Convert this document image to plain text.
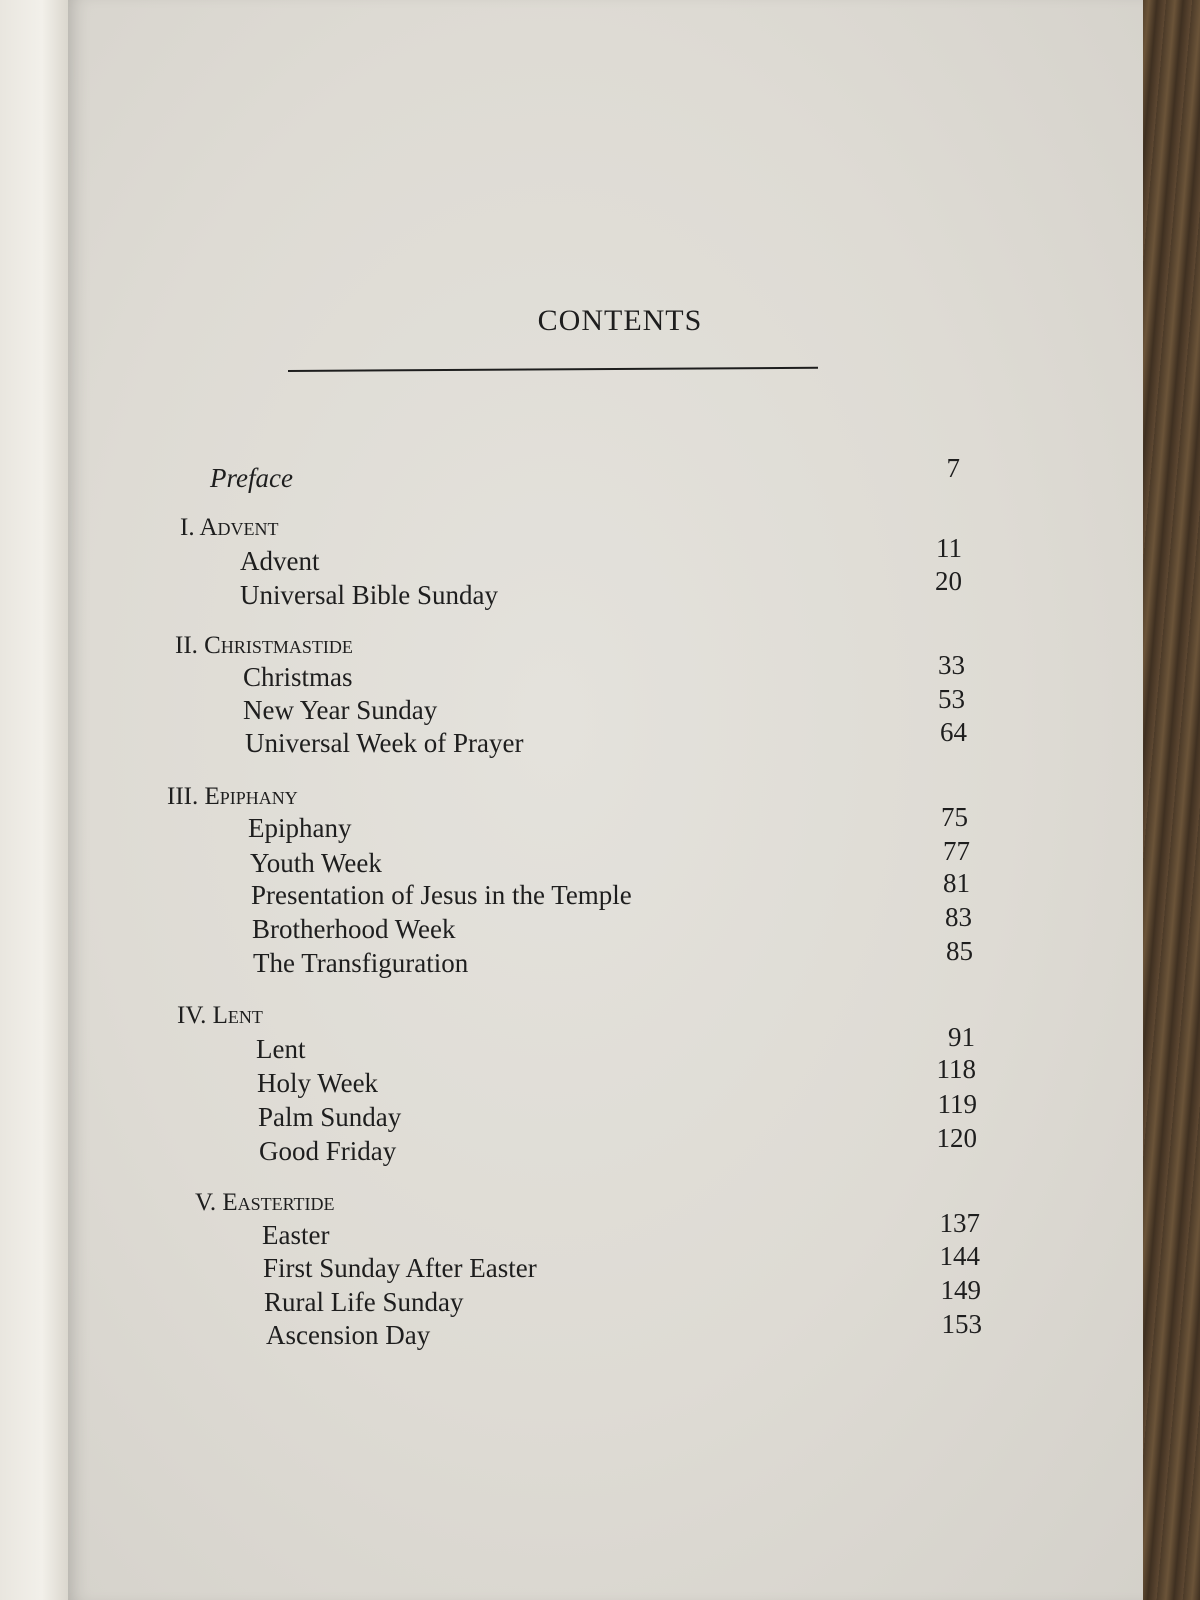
CONTENTS
Preface	7
I. Advent
Advent	11
Universal Bible Sunday	20
II. Christmastide
Christmas	33
New Year Sunday	53
Universal Week of Prayer	64
III. Epiphany
Epiphany	75
Youth Week	77
Presentation of Jesus in the Temple	81
Brotherhood Week	83
The Transfiguration	85
IV. Lent
Lent	91
Holy Week	118
Palm Sunday	119
Good Friday	120
V. Eastertide
Easter	137
First Sunday After Easter	144
Rural Life Sunday	149
Ascension Day	153
